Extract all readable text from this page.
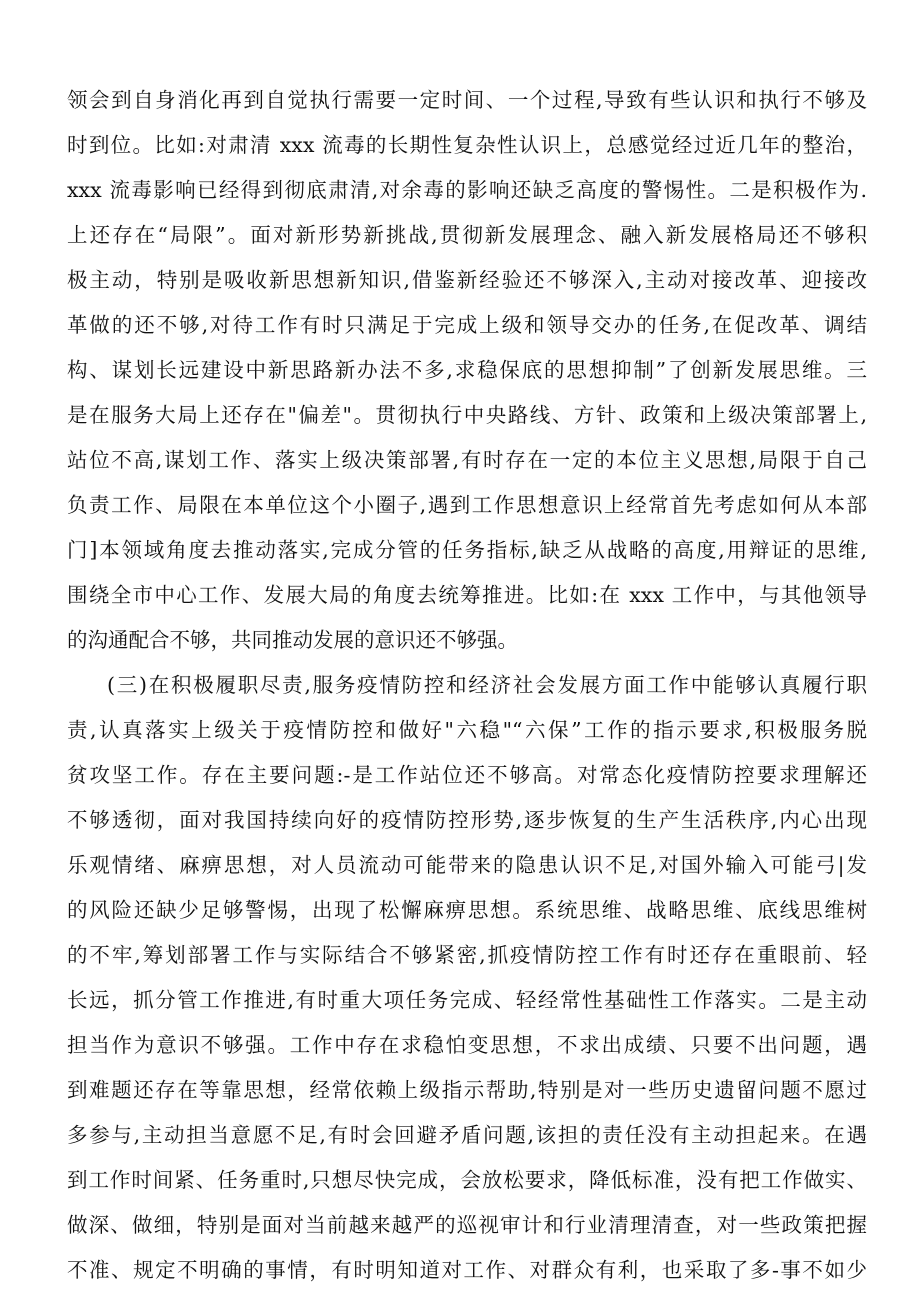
领会到自身消化再到自觉执行需要一定时间、一个过程,导致有些认识和执行不够及
时到位。比如:对肃清 xxx 流毒的长期性复杂性认识上，总感觉经过近几年的整治，
xxx 流毒影响已经得到彻底肃清,对余毒的影响还缺乏高度的警惕性。二是积极作为.
上还存在“局限”。面对新形势新挑战,贯彻新发展理念、融入新发展格局还不够积
极主动，特别是吸收新思想新知识,借鉴新经验还不够深入,主动对接改革、迎接改
革做的还不够,对待工作有时只满足于完成上级和领导交办的任务,在促改革、调结
构、谋划长远建设中新思路新办法不多,求稳保底的思想抑制”了创新发展思维。三
是在服务大局上还存在"偏差"。贯彻执行中央路线、方针、政策和上级决策部署上,
站位不高,谋划工作、落实上级决策部署,有时存在一定的本位主义思想,局限于自己
负责工作、局限在本单位这个小圈子,遇到工作思想意识上经常首先考虑如何从本部
门]本领域角度去推动落实,完成分管的任务指标,缺乏从战略的高度,用辩证的思维,
围绕全市中心工作、发展大局的角度去统筹推进。比如:在 xxx 工作中，与其他领导
的沟通配合不够，共同推动发展的意识还不够强。
(三)在积极履职尽责,服务疫情防控和经济社会发展方面工作中能够认真履行职
责,认真落实上级关于疫情防控和做好"六稳"“六保”工作的指示要求,积极服务脱
贫攻坚工作。存在主要问题:-是工作站位还不够高。对常态化疫情防控要求理解还
不够透彻，面对我国持续向好的疫情防控形势,逐步恢复的生产生活秩序,内心出现
乐观情绪、麻痹思想，对人员流动可能带来的隐患认识不足,对国外输入可能弓|发
的风险还缺少足够警惕，出现了松懈麻痹思想。系统思维、战略思维、底线思维树
的不牢,筹划部署工作与实际结合不够紧密,抓疫情防控工作有时还存在重眼前、轻
长远，抓分管工作推进,有时重大项任务完成、轻经常性基础性工作落实。二是主动
担当作为意识不够强。工作中存在求稳怕变思想，不求出成绩、只要不出问题，遇
到难题还存在等靠思想，经常依赖上级指示帮助,特别是对一些历史遗留问题不愿过
多参与,主动担当意愿不足,有时会回避矛盾问题,该担的责任没有主动担起来。在遇
到工作时间紧、任务重时,只想尽快完成，会放松要求，降低标准，没有把工作做实、
做深、做细，特别是面对当前越来越严的巡视审计和行业清理清查，对一些政策把握
不准、规定不明确的事情，有时明知道对工作、对群众有利，也采取了多-事不如少
